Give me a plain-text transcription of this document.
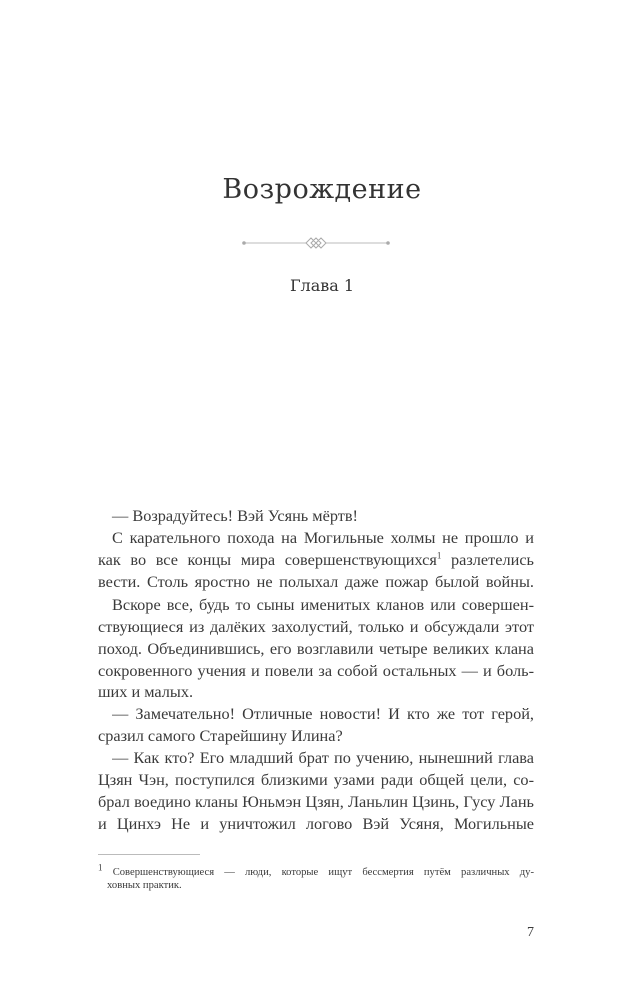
Возрождение
Глава 1
— Возрадуйтесь! Вэй Усянь мёртв!
С карательного похода на Могильные холмы не прошло и
как во все концы мира совершенствующихся$^1$ разлетелись
вести. Столь яростно не полыхал даже пожар былой войны.
Вскоре все, будь то сыны именитых кланов или совершен-
ствующиеся из далёких захолустий, только и обсуждали этот
поход. Объединившись, его возглавили четыре великих клана
сокровенного учения и повели за собой остальных — и боль-
ших и малых.
— Замечательно! Отличные новости! И кто же тот герой,
сразил самого Старейшину Илина?
— Как кто? Его младший брат по учению, нынешний глава
Цзян Чэн, поступился близкими узами ради общей цели, со-
брал воедино кланы Юньмэн Цзян, Ланьлин Цзинь, Гусу Лань
и Цинхэ Не и уничтожил логово Вэй Усяня, Могильные
$^1$ Совершенствующиеся — люди, которые ищут бессмертия путём различных ду-
ховных практик.
7
